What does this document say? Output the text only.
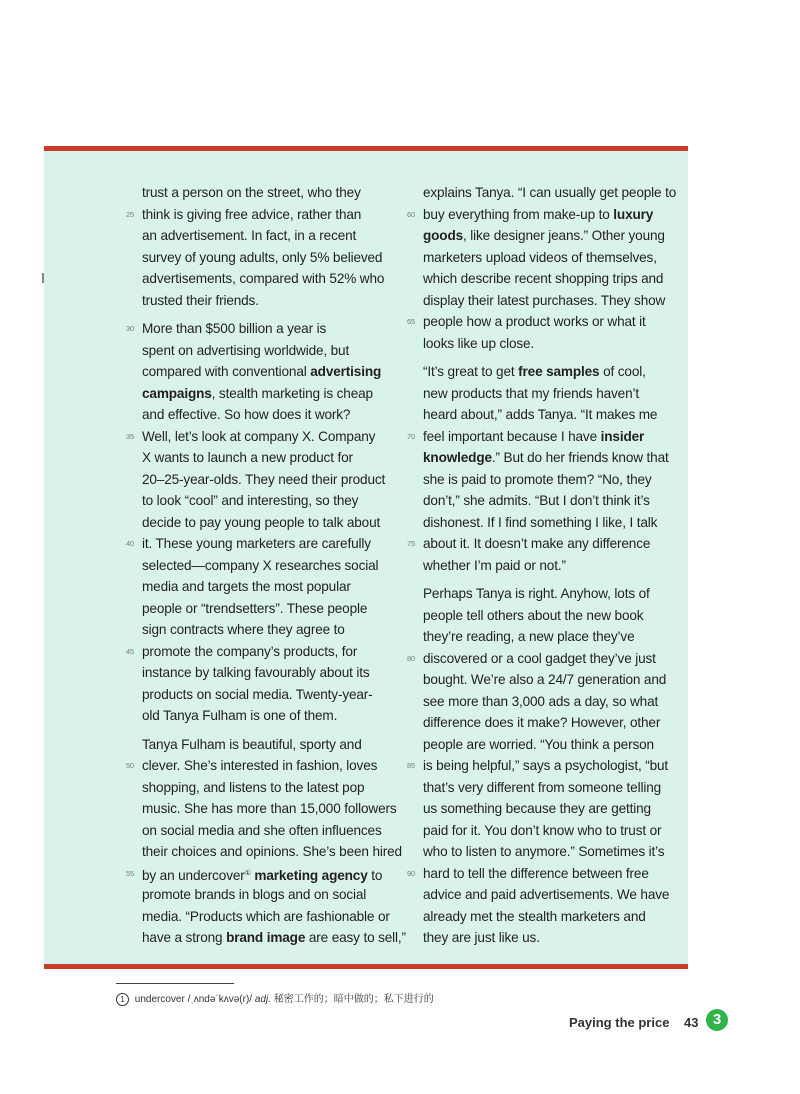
trust a person on the street, who they
25 think is giving free advice, rather than
an advertisement. In fact, in a recent
survey of young adults, only 5% believed
advertisements, compared with 52% who
trusted their friends.
30 More than $500 billion a year is
spent on advertising worldwide, but
compared with conventional advertising
campaigns, stealth marketing is cheap
and effective. So how does it work?
35 Well, let’s look at company X. Company
X wants to launch a new product for
20–25-year-olds. They need their product
to look “cool” and interesting, so they
decide to pay young people to talk about
40 it. These young marketers are carefully
selected—company X researches social
media and targets the most popular
people or “trendsetters”. These people
sign contracts where they agree to
45 promote the company’s products, for
instance by talking favourably about its
products on social media. Twenty-year-
old Tanya Fulham is one of them.
Tanya Fulham is beautiful, sporty and
50 clever. She’s interested in fashion, loves
shopping, and listens to the latest pop
music. She has more than 15,000 followers
on social media and she often influences
their choices and opinions. She’s been hired
55 by an undercover① marketing agency to
promote brands in blogs and on social
media. “Products which are fashionable or
have a strong brand image are easy to sell,”
explains Tanya. “I can usually get people to
60 buy everything from make-up to luxury
goods, like designer jeans.” Other young
marketers upload videos of themselves,
which describe recent shopping trips and
display their latest purchases. They show
65 people how a product works or what it
looks like up close.
“It’s great to get free samples of cool,
new products that my friends haven’t
heard about,” adds Tanya. “It makes me
70 feel important because I have insider
knowledge.” But do her friends know that
she is paid to promote them? “No, they
don’t,” she admits. “But I don’t think it’s
dishonest. If I find something I like, I talk
75 about it. It doesn’t make any difference
whether I’m paid or not.”
Perhaps Tanya is right. Anyhow, lots of
people tell others about the new book
they’re reading, a new place they’ve
80 discovered or a cool gadget they’ve just
bought. We’re also a 24/7 generation and
see more than 3,000 ads a day, so what
difference does it make? However, other
people are worried. “You think a person
85 is being helpful,” says a psychologist, “but
that’s very different from someone telling
us something because they are getting
paid for it. You don’t know who to trust or
who to listen to anymore.” Sometimes it’s
90 hard to tell the difference between free
advice and paid advertisements. We have
already met the stealth marketers and
they are just like us.
1 undercover /ˌʌndəˈkʌvə(r)/ adj. 秘密工作的；暗中做的；私下进行的
Paying the price 43 3
